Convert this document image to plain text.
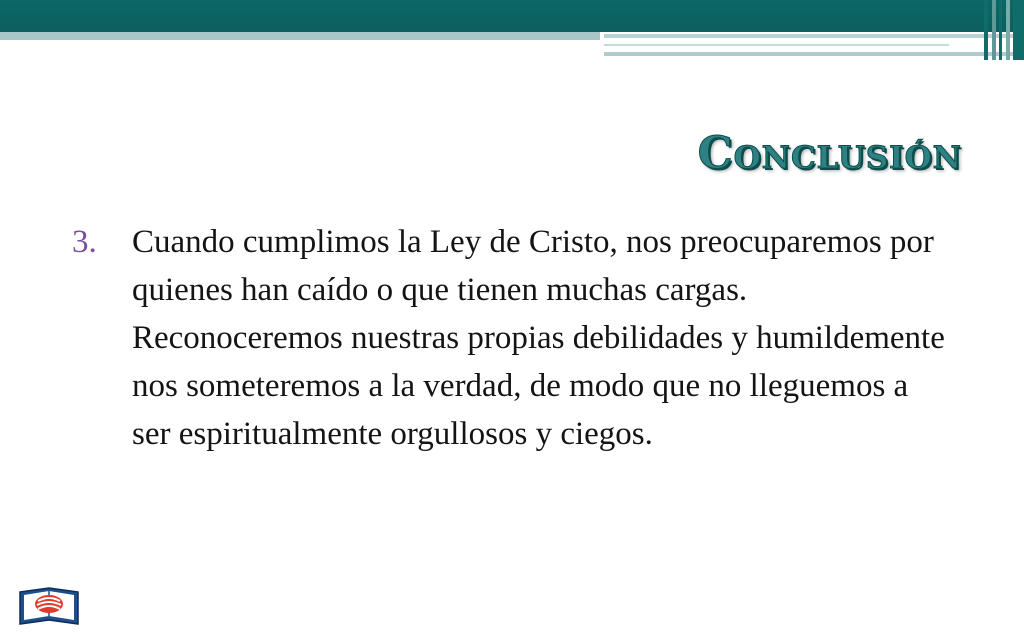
Conclusión
3.	Cuando cumplimos la Ley de Cristo, nos preocuparemos por quienes han caído o que tienen muchas cargas. Reconoceremos nuestras propias debilidades y humildemente nos someteremos a la verdad, de modo que no lleguemos a ser espiritualmente orgullosos y ciegos.
